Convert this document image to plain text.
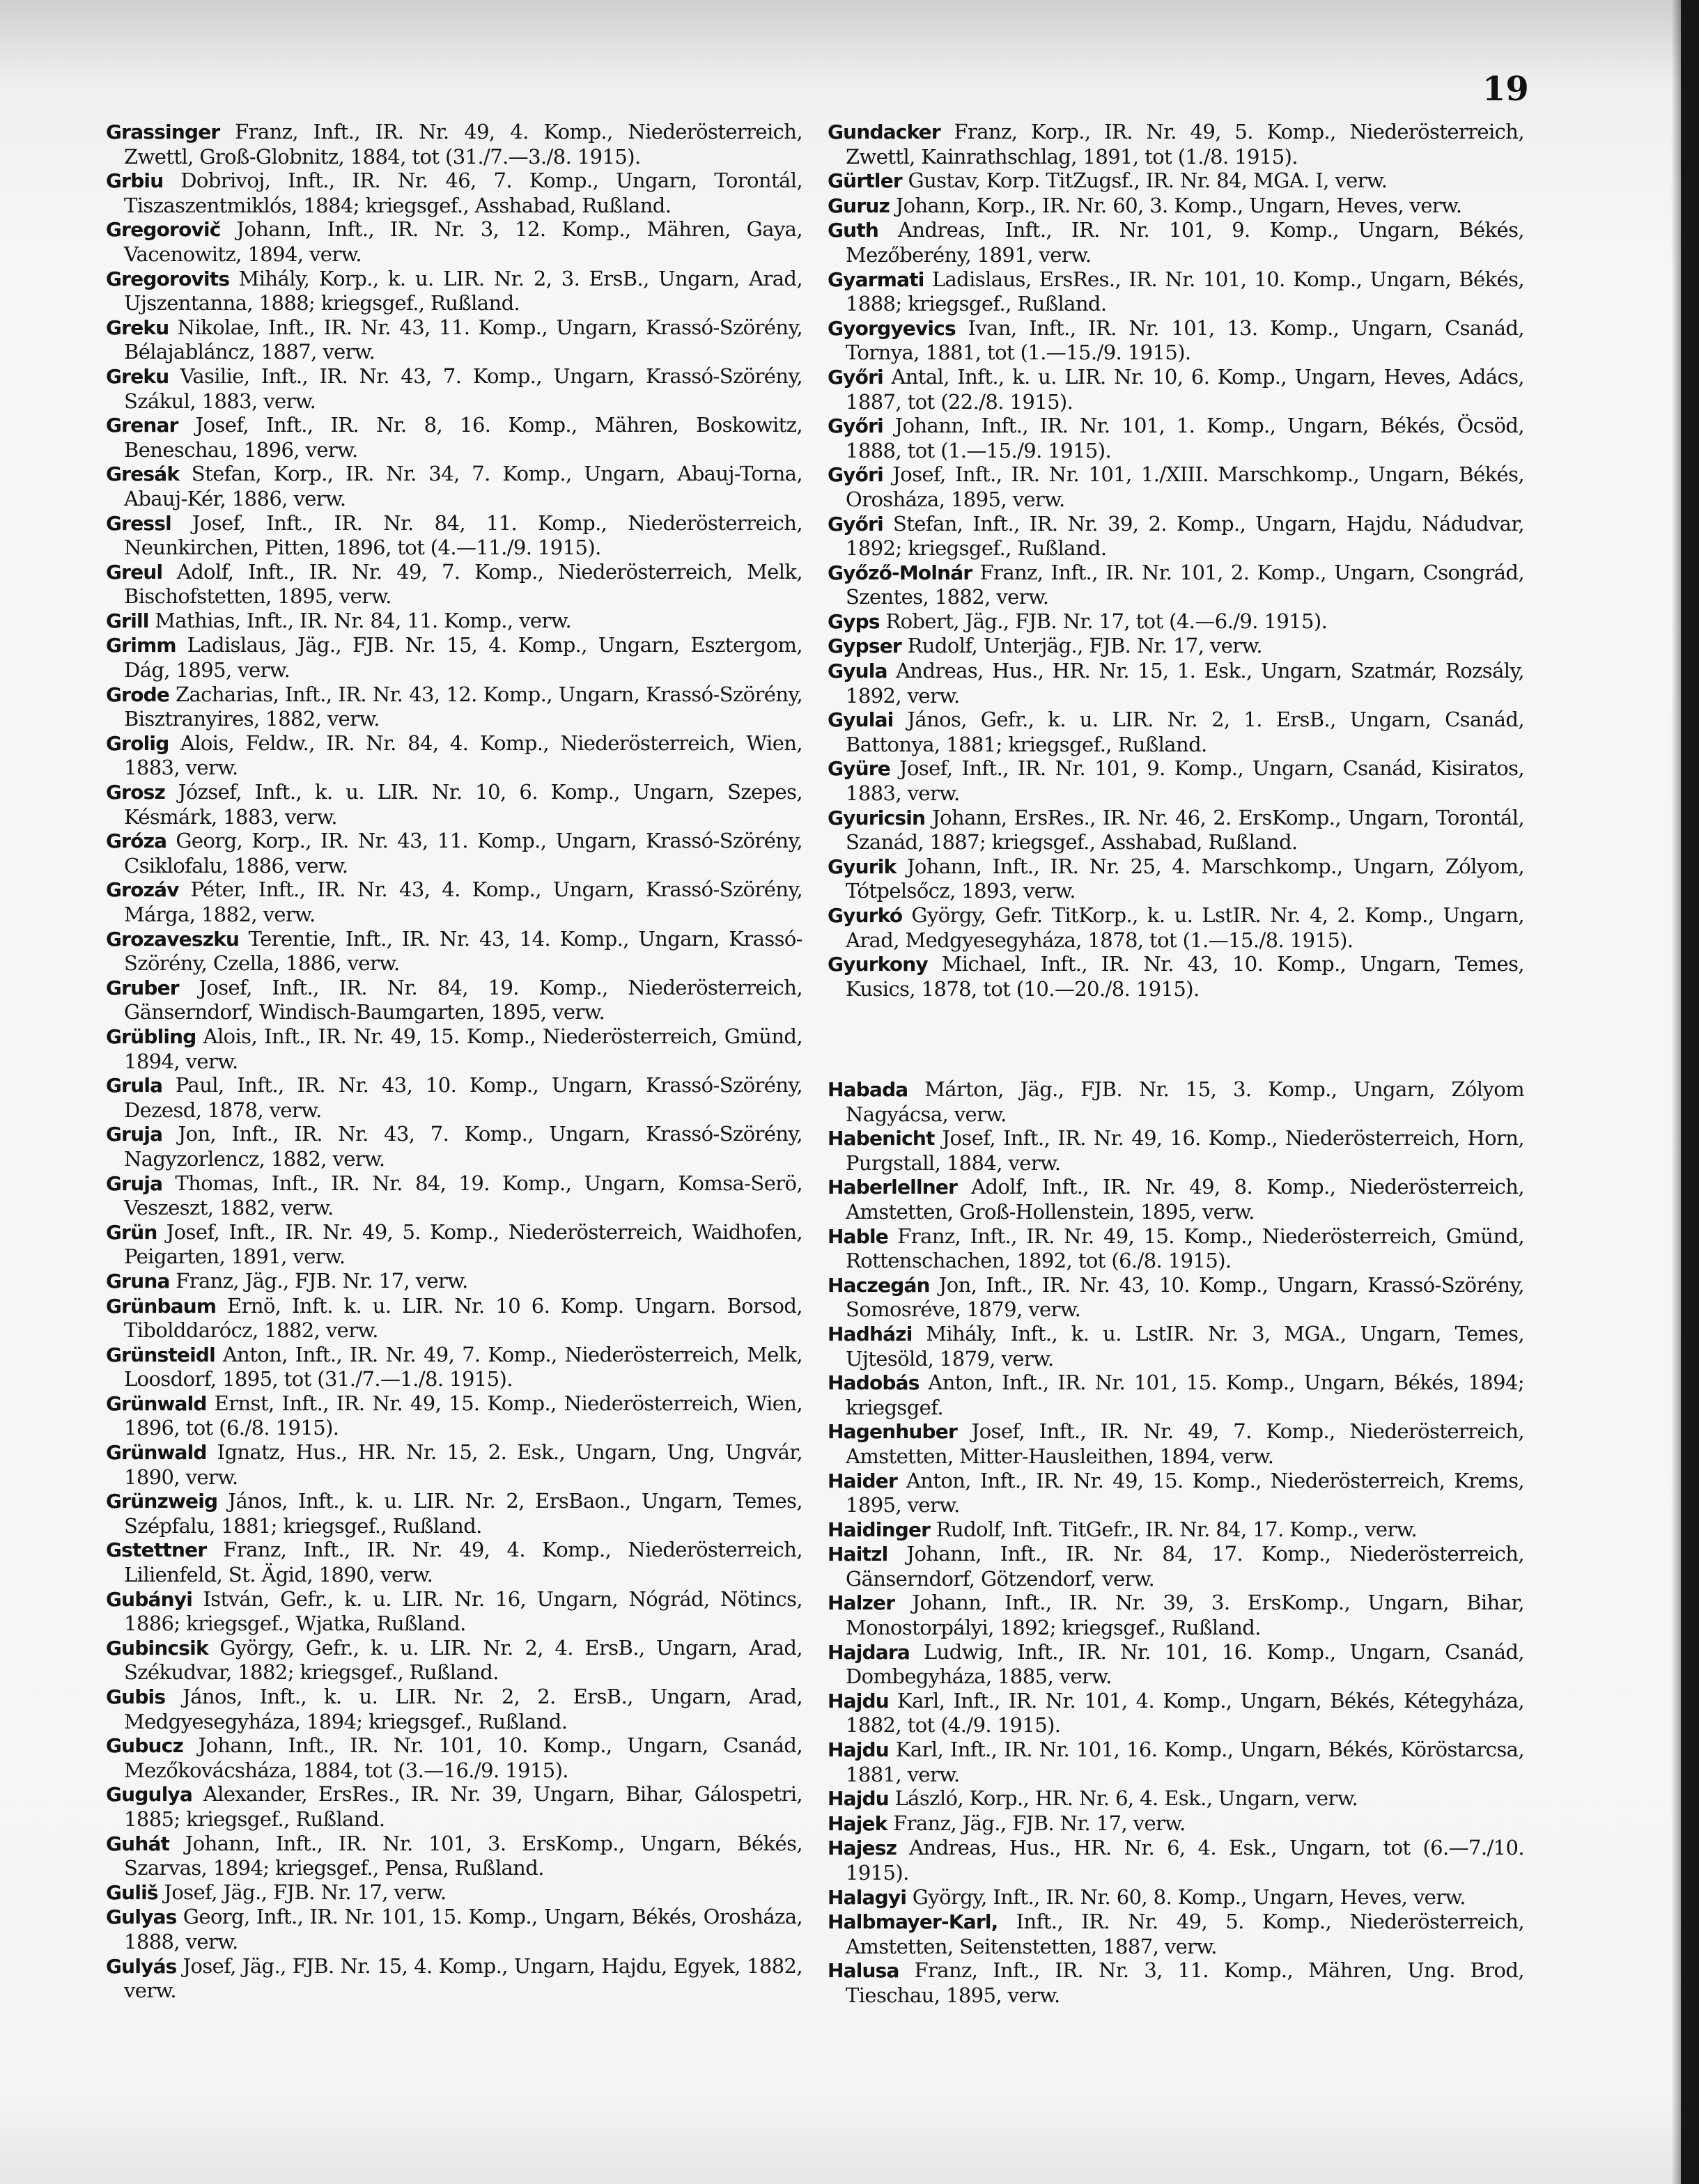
19

Grassinger Franz, Inft., IR. Nr. 49, 4. Komp., Niederösterreich, Zwettl, Groß-Globnitz, 1884, tot (31./7.—3./8. 1915).

Grbiu Dobrivoj, Inft., IR. Nr. 46, 7. Komp., Ungarn, Torontál, Tiszaszentmiklós, 1884; kriegsgef., Asshabad, Rußland.

Gregorovič Johann, Inft., IR. Nr. 3, 12. Komp., Mähren, Gaya, Vacenowitz, 1894, verw.

Gregorovits Mihály, Korp., k. u. LIR. Nr. 2, 3. ErsB., Ungarn, Arad, Ujszentanna, 1888; kriegsgef., Rußland.

Greku Nikolae, Inft., IR. Nr. 43, 11. Komp., Ungarn, Krassó-Szörény, Bélajabláncz, 1887, verw.

Greku Vasilie, Inft., IR. Nr. 43, 7. Komp., Ungarn, Krassó-Szörény, Szákul, 1883, verw.

Grenar Josef, Inft., IR. Nr. 8, 16. Komp., Mähren, Boskowitz, Beneschau, 1896, verw.

Gresák Stefan, Korp., IR. Nr. 34, 7. Komp., Ungarn, Abauj-Torna, Abauj-Kér, 1886, verw.

Gressl Josef, Inft., IR. Nr. 84, 11. Komp., Niederösterreich, Neunkirchen, Pitten, 1896, tot (4.—11./9. 1915).

Greul Adolf, Inft., IR. Nr. 49, 7. Komp., Niederösterreich, Melk, Bischofstetten, 1895, verw.

Grill Mathias, Inft., IR. Nr. 84, 11. Komp., verw.

Grimm Ladislaus, Jäg., FJB. Nr. 15, 4. Komp., Ungarn, Esztergom, Dág, 1895, verw.

Grode Zacharias, Inft., IR. Nr. 43, 12. Komp., Ungarn, Krassó-Szörény, Bisztranyires, 1882, verw.

Grolig Alois, Feldw., IR. Nr. 84, 4. Komp., Niederösterreich, Wien, 1883, verw.

Grosz József, Inft., k. u. LIR. Nr. 10, 6. Komp., Ungarn, Szepes, Késmárk, 1883, verw.

Gróza Georg, Korp., IR. Nr. 43, 11. Komp., Ungarn, Krassó-Szörény, Csiklofalu, 1886, verw.

Grozáv Péter, Inft., IR. Nr. 43, 4. Komp., Ungarn, Krassó-Szörény, Márga, 1882, verw.

Grozaveszku Terentie, Inft., IR. Nr. 43, 14. Komp., Ungarn, Krassó-Szörény, Czella, 1886, verw.

Gruber Josef, Inft., IR. Nr. 84, 19. Komp., Niederösterreich, Gänserndorf, Windisch-Baumgarten, 1895, verw.

Grübling Alois, Inft., IR. Nr. 49, 15. Komp., Niederösterreich, Gmünd, 1894, verw.

Grula Paul, Inft., IR. Nr. 43, 10. Komp., Ungarn, Krassó-Szörény, Dezesd, 1878, verw.

Gruja Jon, Inft., IR. Nr. 43, 7. Komp., Ungarn, Krassó-Szörény, Nagyzorlencz, 1882, verw.

Gruja Thomas, Inft., IR. Nr. 84, 19. Komp., Ungarn, Komsa-Serö, Veszeszt, 1882, verw.

Grün Josef, Inft., IR. Nr. 49, 5. Komp., Niederösterreich, Waidhofen, Peigarten, 1891, verw.

Gruna Franz, Jäg., FJB. Nr. 17, verw.

Grünbaum Ernö, Inft. k. u. LIR. Nr. 10 6. Komp. Ungarn. Borsod, Tibolddarócz, 1882, verw.

Grünsteidl Anton, Inft., IR. Nr. 49, 7. Komp., Niederösterreich, Melk, Loosdorf, 1895, tot (31./7.—1./8. 1915).

Grünwald Ernst, Inft., IR. Nr. 49, 15. Komp., Niederösterreich, Wien, 1896, tot (6./8. 1915).

Grünwald Ignatz, Hus., HR. Nr. 15, 2. Esk., Ungarn, Ung, Ungvár, 1890, verw.

Grünzweig János, Inft., k. u. LIR. Nr. 2, ErsBaon., Ungarn, Temes, Szépfalu, 1881; kriegsgef., Rußland.

Gstettner Franz, Inft., IR. Nr. 49, 4. Komp., Niederösterreich, Lilienfeld, St. Ägid, 1890, verw.

Gubányi István, Gefr., k. u. LIR. Nr. 16, Ungarn, Nógrád, Nötincs, 1886; kriegsgef., Wjatka, Rußland.

Gubincsik György, Gefr., k. u. LIR. Nr. 2, 4. ErsB., Ungarn, Arad, Székudvar, 1882; kriegsgef., Rußland.

Gubis János, Inft., k. u. LIR. Nr. 2, 2. ErsB., Ungarn, Arad, Medgyesegyháza, 1894; kriegsgef., Rußland.

Gubucz Johann, Inft., IR. Nr. 101, 10. Komp., Ungarn, Csanád, Mezőkovácsháza, 1884, tot (3.—16./9. 1915).

Gugulya Alexander, ErsRes., IR. Nr. 39, Ungarn, Bihar, Gálospetri, 1885; kriegsgef., Rußland.

Guhát Johann, Inft., IR. Nr. 101, 3. ErsKomp., Ungarn, Békés, Szarvas, 1894; kriegsgef., Pensa, Rußland.

Guliš Josef, Jäg., FJB. Nr. 17, verw.

Gulyas Georg, Inft., IR. Nr. 101, 15. Komp., Ungarn, Békés, Orosháza, 1888, verw.

Gulyás Josef, Jäg., FJB. Nr. 15, 4. Komp., Ungarn, Hajdu, Egyek, 1882, verw.

Gundacker Franz, Korp., IR. Nr. 49, 5. Komp., Niederösterreich, Zwettl, Kainrathschlag, 1891, tot (1./8. 1915).

Gürtler Gustav, Korp. TitZugsf., IR. Nr. 84, MGA. I, verw.

Guruz Johann, Korp., IR. Nr. 60, 3. Komp., Ungarn, Heves, verw.

Guth Andreas, Inft., IR. Nr. 101, 9. Komp., Ungarn, Békés, Mezőberény, 1891, verw.

Gyarmati Ladislaus, ErsRes., IR. Nr. 101, 10. Komp., Ungarn, Békés, 1888; kriegsgef., Rußland.

Gyorgyevics Ivan, Inft., IR. Nr. 101, 13. Komp., Ungarn, Csanád, Tornya, 1881, tot (1.—15./9. 1915).

Győri Antal, Inft., k. u. LIR. Nr. 10, 6. Komp., Ungarn, Heves, Adács, 1887, tot (22./8. 1915).

Győri Johann, Inft., IR. Nr. 101, 1. Komp., Ungarn, Békés, Öcsöd, 1888, tot (1.—15./9. 1915).

Győri Josef, Inft., IR. Nr. 101, 1./XIII. Marschkomp., Ungarn, Békés, Orosháza, 1895, verw.

Győri Stefan, Inft., IR. Nr. 39, 2. Komp., Ungarn, Hajdu, Nádudvar, 1892; kriegsgef., Rußland.

Győző-Molnár Franz, Inft., IR. Nr. 101, 2. Komp., Ungarn, Csongrád, Szentes, 1882, verw.

Gyps Robert, Jäg., FJB. Nr. 17, tot (4.—6./9. 1915).

Gypser Rudolf, Unterjäg., FJB. Nr. 17, verw.

Gyula Andreas, Hus., HR. Nr. 15, 1. Esk., Ungarn, Szatmár, Rozsály, 1892, verw.

Gyulai János, Gefr., k. u. LIR. Nr. 2, 1. ErsB., Ungarn, Csanád, Battonya, 1881; kriegsgef., Rußland.

Gyüre Josef, Inft., IR. Nr. 101, 9. Komp., Ungarn, Csanád, Kisiratos, 1883, verw.

Gyuricsin Johann, ErsRes., IR. Nr. 46, 2. ErsKomp., Ungarn, Torontál, Szanád, 1887; kriegsgef., Asshabad, Rußland.

Gyurik Johann, Inft., IR. Nr. 25, 4. Marschkomp., Ungarn, Zólyom, Tótpelsőcz, 1893, verw.

Gyurkó György, Gefr. TitKorp., k. u. LstIR. Nr. 4, 2. Komp., Ungarn, Arad, Medgyesegyháza, 1878, tot (1.—15./8. 1915).

Gyurkony Michael, Inft., IR. Nr. 43, 10. Komp., Ungarn, Temes, Kusics, 1878, tot (10.—20./8. 1915).

Habada Márton, Jäg., FJB. Nr. 15, 3. Komp., Ungarn, Zólyom Nagyácsa, verw.

Habenicht Josef, Inft., IR. Nr. 49, 16. Komp., Niederösterreich, Horn, Purgstall, 1884, verw.

Haberlellner Adolf, Inft., IR. Nr. 49, 8. Komp., Niederösterreich, Amstetten, Groß-Hollenstein, 1895, verw.

Hable Franz, Inft., IR. Nr. 49, 15. Komp., Niederösterreich, Gmünd, Rottenschachen, 1892, tot (6./8. 1915).

Haczegán Jon, Inft., IR. Nr. 43, 10. Komp., Ungarn, Krassó-Szörény, Somosréve, 1879, verw.

Hadházi Mihály, Inft., k. u. LstIR. Nr. 3, MGA., Ungarn, Temes, Ujtesöld, 1879, verw.

Hadobás Anton, Inft., IR. Nr. 101, 15. Komp., Ungarn, Békés, 1894; kriegsgef.

Hagenhuber Josef, Inft., IR. Nr. 49, 7. Komp., Niederösterreich, Amstetten, Mitter-Hausleithen, 1894, verw.

Haider Anton, Inft., IR. Nr. 49, 15. Komp., Niederösterreich, Krems, 1895, verw.

Haidinger Rudolf, Inft. TitGefr., IR. Nr. 84, 17. Komp., verw.

Haitzl Johann, Inft., IR. Nr. 84, 17. Komp., Niederösterreich, Gänserndorf, Götzendorf, verw.

Halzer Johann, Inft., IR. Nr. 39, 3. ErsKomp., Ungarn, Bihar, Monostorpályi, 1892; kriegsgef., Rußland.

Hajdara Ludwig, Inft., IR. Nr. 101, 16. Komp., Ungarn, Csanád, Dombegyháza, 1885, verw.

Hajdu Karl, Inft., IR. Nr. 101, 4. Komp., Ungarn, Békés, Kétegyháza, 1882, tot (4./9. 1915).

Hajdu Karl, Inft., IR. Nr. 101, 16. Komp., Ungarn, Békés, Köröstarcsa, 1881, verw.

Hajdu László, Korp., HR. Nr. 6, 4. Esk., Ungarn, verw.

Hajek Franz, Jäg., FJB. Nr. 17, verw.

Hajesz Andreas, Hus., HR. Nr. 6, 4. Esk., Ungarn, tot (6.—7./10. 1915).

Halagyi György, Inft., IR. Nr. 60, 8. Komp., Ungarn, Heves, verw.

Halbmayer-Karl, Inft., IR. Nr. 49, 5. Komp., Niederösterreich, Amstetten, Seitenstetten, 1887, verw.

Halusa Franz, Inft., IR. Nr. 3, 11. Komp., Mähren, Ung. Brod, Tieschau, 1895, verw.
